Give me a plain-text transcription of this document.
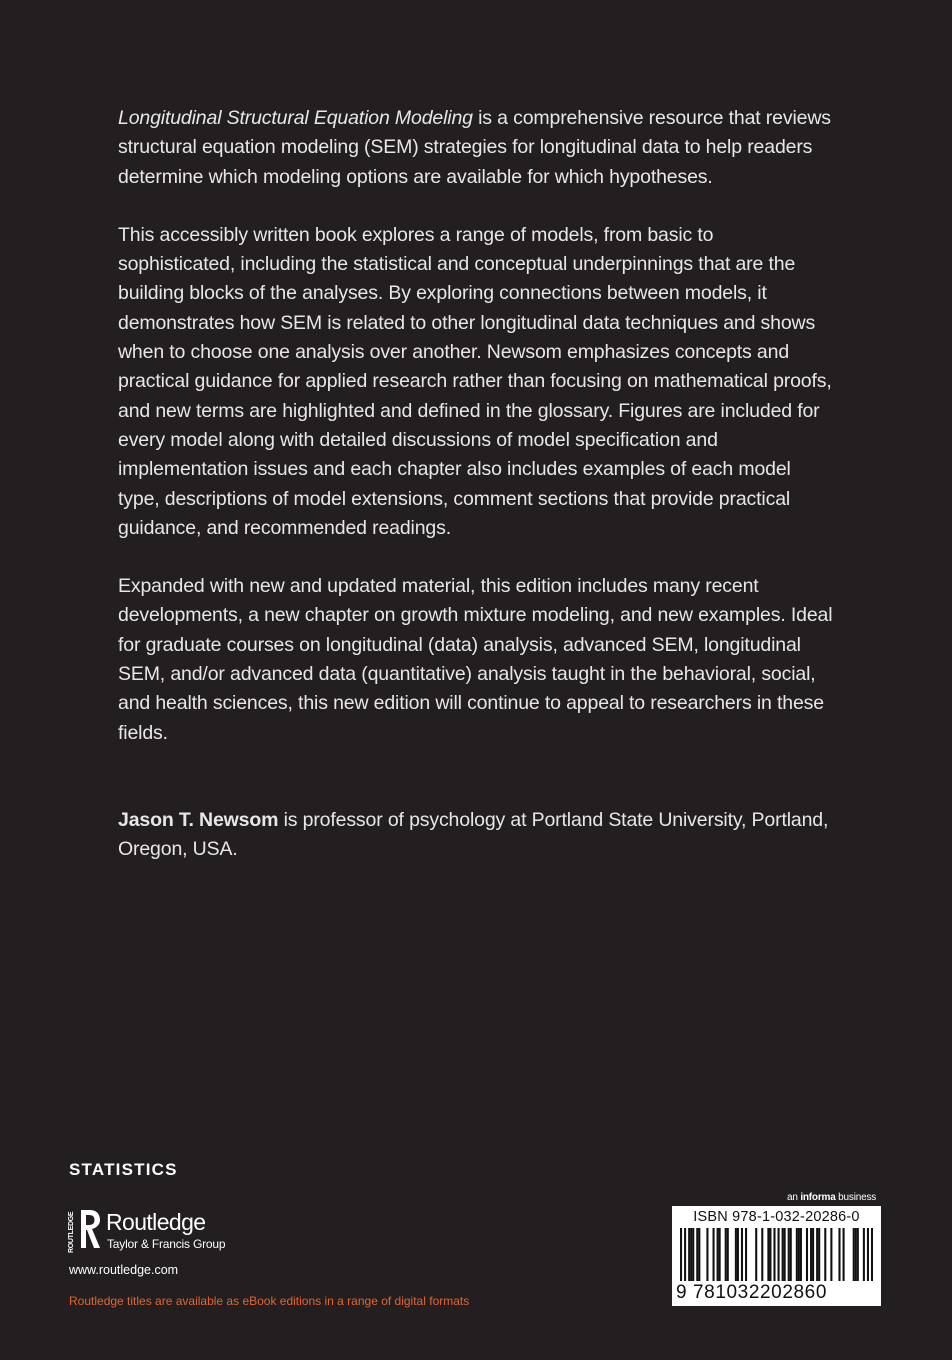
Longitudinal Structural Equation Modeling is a comprehensive resource that reviews structural equation modeling (SEM) strategies for longitudinal data to help readers determine which modeling options are available for which hypotheses.

This accessibly written book explores a range of models, from basic to sophisticated, including the statistical and conceptual underpinnings that are the building blocks of the analyses. By exploring connections between models, it demonstrates how SEM is related to other longitudinal data techniques and shows when to choose one analysis over another. Newsom emphasizes concepts and practical guidance for applied research rather than focusing on mathematical proofs, and new terms are highlighted and defined in the glossary. Figures are included for every model along with detailed discussions of model specification and implementation issues and each chapter also includes examples of each model type, descriptions of model extensions, comment sections that provide practical guidance, and recommended readings.

Expanded with new and updated material, this edition includes many recent developments, a new chapter on growth mixture modeling, and new examples. Ideal for graduate courses on longitudinal (data) analysis, advanced SEM, longitudinal SEM, and/or advanced data (quantitative) analysis taught in the behavioral, social, and health sciences, this new edition will continue to appeal to researchers in these fields.

Jason T. Newsom is professor of psychology at Portland State University, Portland, Oregon, USA.

STATISTICS
ROUTLEDGE Routledge
Taylor & Francis Group
www.routledge.com
Routledge titles are available as eBook editions in a range of digital formats
an informa business
ISBN 978-1-032-20286-0
9 781032202860
